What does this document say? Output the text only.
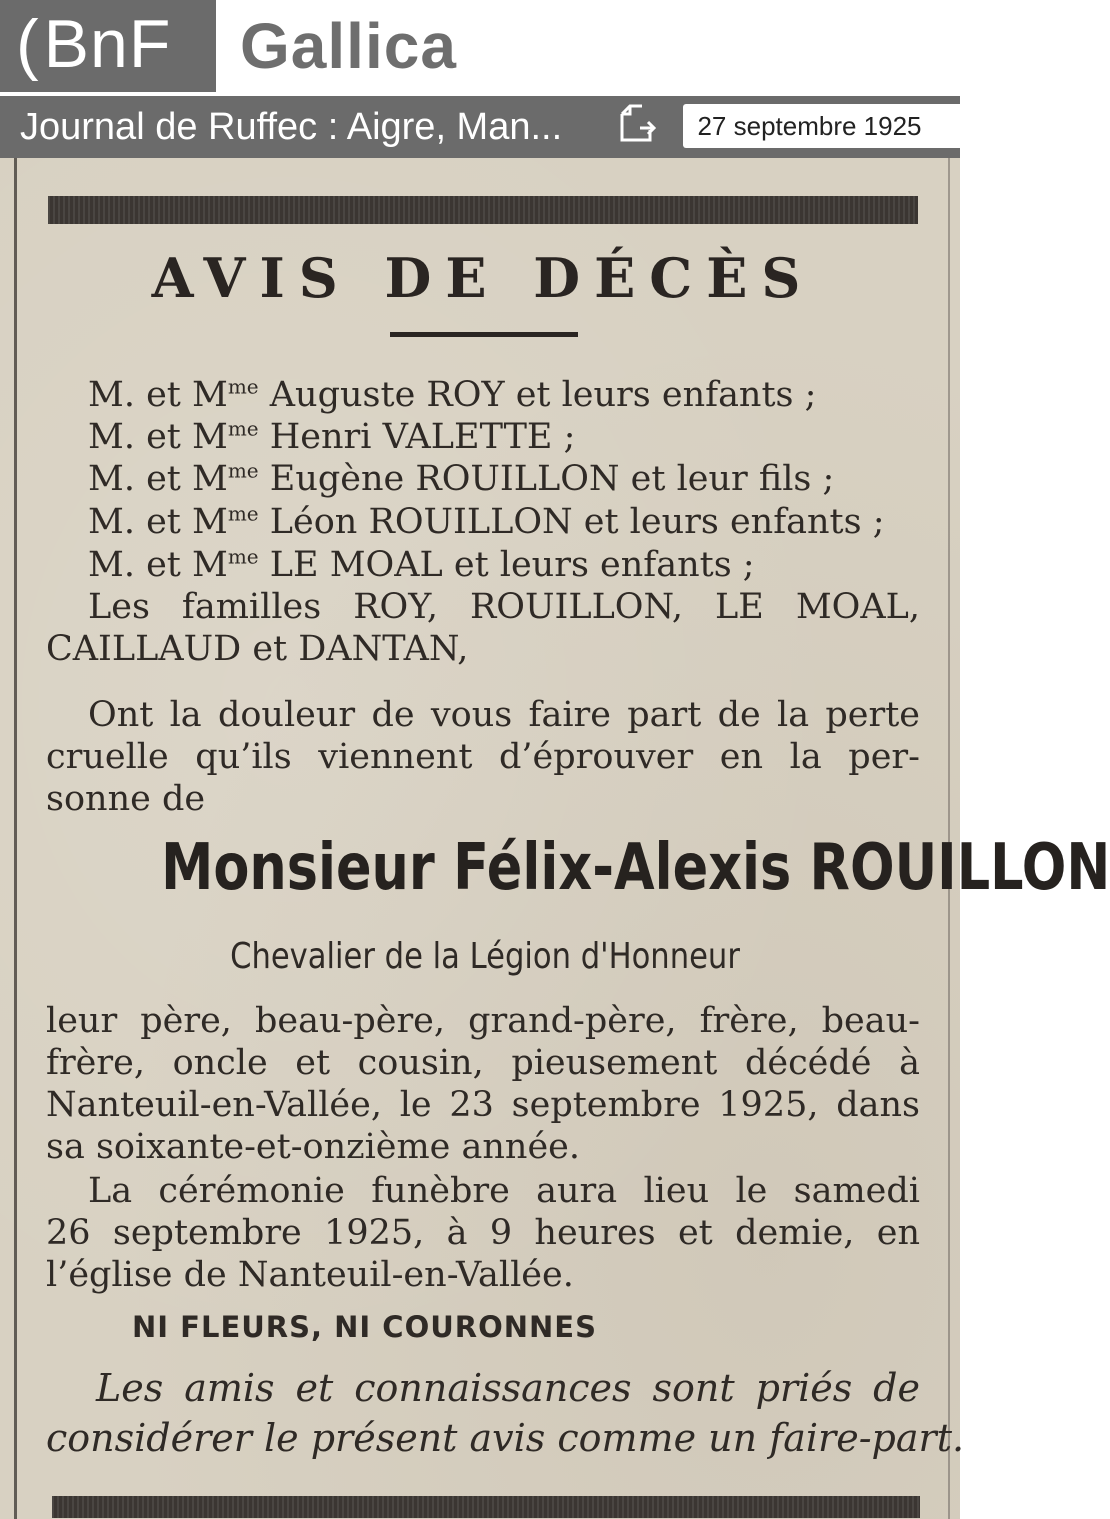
(BnF	Gallica
Journal de Ruffec : Aigre, Man...	27 septembre 1925
AVIS DE DÉCÈS
M. et $M^{me}$ Auguste ROY et leurs enfants ;
M. et $M^{me}$ Henri VALETTE ;
M. et $M^{me}$ Eugène ROUILLON et leur fils ;
M. et $M^{me}$ Léon ROUILLON et leurs enfants ;
M. et $M^{me}$ LE MOAL et leurs enfants ;
Les familles ROY, ROUILLON, LE MOAL,
CAILLAUD et DANTAN,
Ont la douleur de vous faire part de la perte
cruelle qu’ils viennent d’éprouver en la per-
sonne de
Monsieur Félix-Alexis ROUILLON
Chevalier de la Légion d'Honneur
leur père, beau-père, grand-père, frère, beau-
frère, oncle et cousin, pieusement décédé à
Nanteuil-en-Vallée, le 23 septembre 1925, dans
sa soixante-et-onzième année.
La cérémonie funèbre aura lieu le samedi
26 septembre 1925, à 9 heures et demie, en
l’église de Nanteuil-en-Vallée.
NI FLEURS, NI COURONNES
Les amis et connaissances sont priés de
considérer le présent avis comme un faire-part.
